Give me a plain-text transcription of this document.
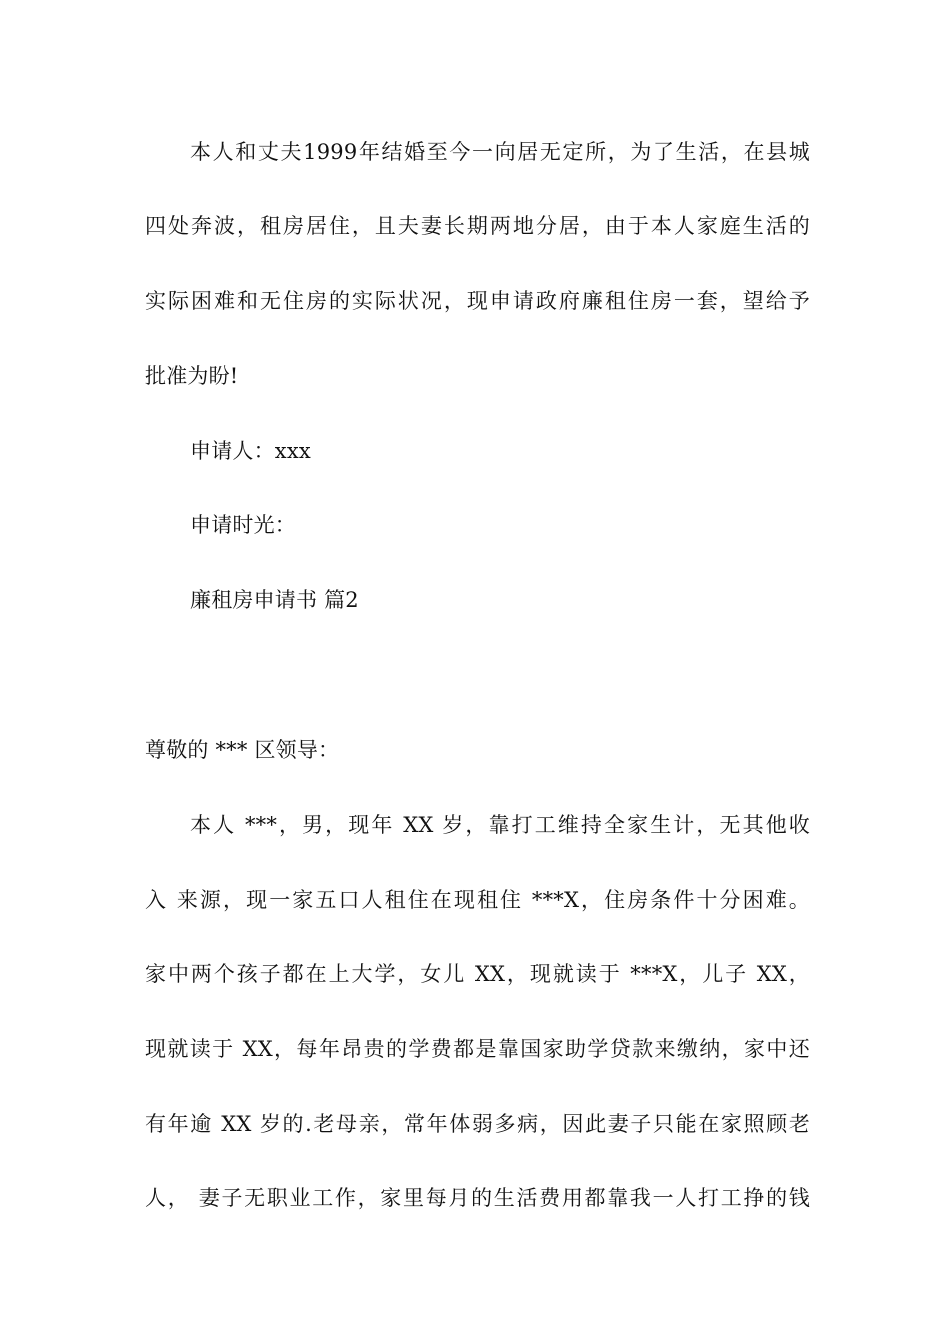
本人和丈夫1999年结婚至今一向居无定所，为了生活，在县城
四处奔波，租房居住，且夫妻长期两地分居，由于本人家庭生活的
实际困难和无住房的实际状况，现申请政府廉租住房一套，望给予
批准为盼!
申请人：xxx
申请时光：
廉租房申请书 篇2
尊敬的 *** 区领导：
本人 ***，男，现年 XX 岁，靠打工维持全家生计，无其他收
入 来源，现一家五口人租住在现租住 ***X，住房条件十分困难。
家中两个孩子都在上大学，女儿 XX，现就读于 ***X，儿子 XX，
现就读于 XX，每年昂贵的学费都是靠国家助学贷款来缴纳，家中还
有年逾 XX 岁的.老母亲，常年体弱多病，因此妻子只能在家照顾老
人， 妻子无职业工作，家里每月的生活费用都靠我一人打工挣的钱
